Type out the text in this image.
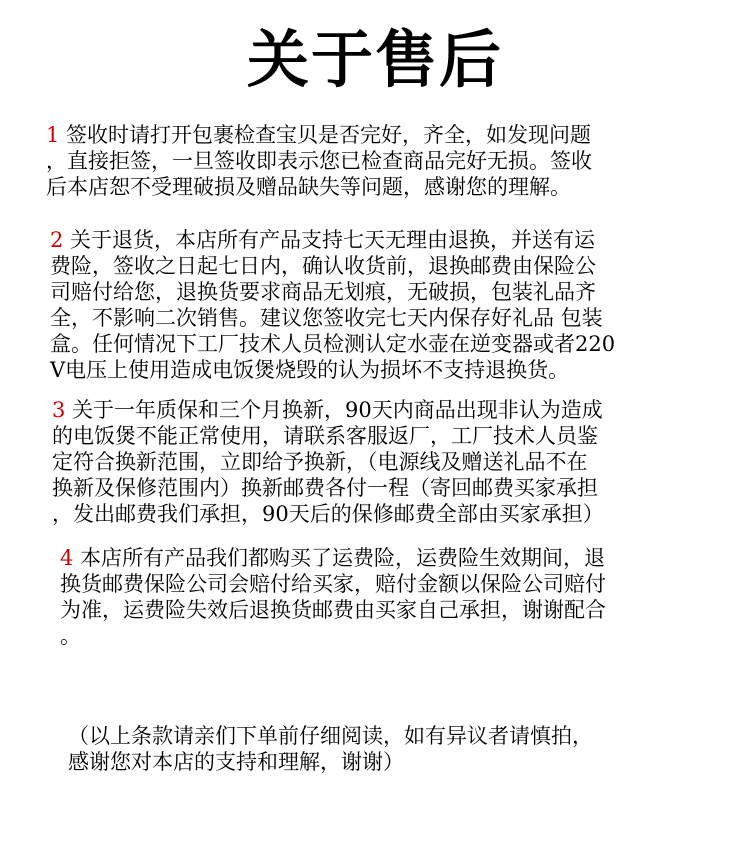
关于售后
1 签收时请打开包裹检查宝贝是否完好，齐全，如发现问题
，直接拒签，一旦签收即表示您已检查商品完好无损。签收
后本店恕不受理破损及赠品缺失等问题，感谢您的理解。
2 关于退货，本店所有产品支持七天无理由退换，并送有运
费险，签收之日起七日内，确认收货前，退换邮费由保险公
司赔付给您，退换货要求商品无划痕，无破损，包装礼品齐
全，不影响二次销售。建议您签收完七天内保存好礼品 包装
盒。任何情况下工厂技术人员检测认定水壶在逆变器或者220
V电压上使用造成电饭煲烧毁的认为损坏不支持退换货。
3 关于一年质保和三个月换新，90天内商品出现非认为造成
的电饭煲不能正常使用，请联系客服返厂，工厂技术人员鉴
定符合换新范围，立即给予换新，（电源线及赠送礼品不在
换新及保修范围内）换新邮费各付一程（寄回邮费买家承担
，发出邮费我们承担，90天后的保修邮费全部由买家承担）
4 本店所有产品我们都购买了运费险，运费险生效期间，退
换货邮费保险公司会赔付给买家，赔付金额以保险公司赔付
为准，运费险失效后退换货邮费由买家自己承担，谢谢配合
。
（以上条款请亲们下单前仔细阅读，如有异议者请慎拍，
感谢您对本店的支持和理解，谢谢）
